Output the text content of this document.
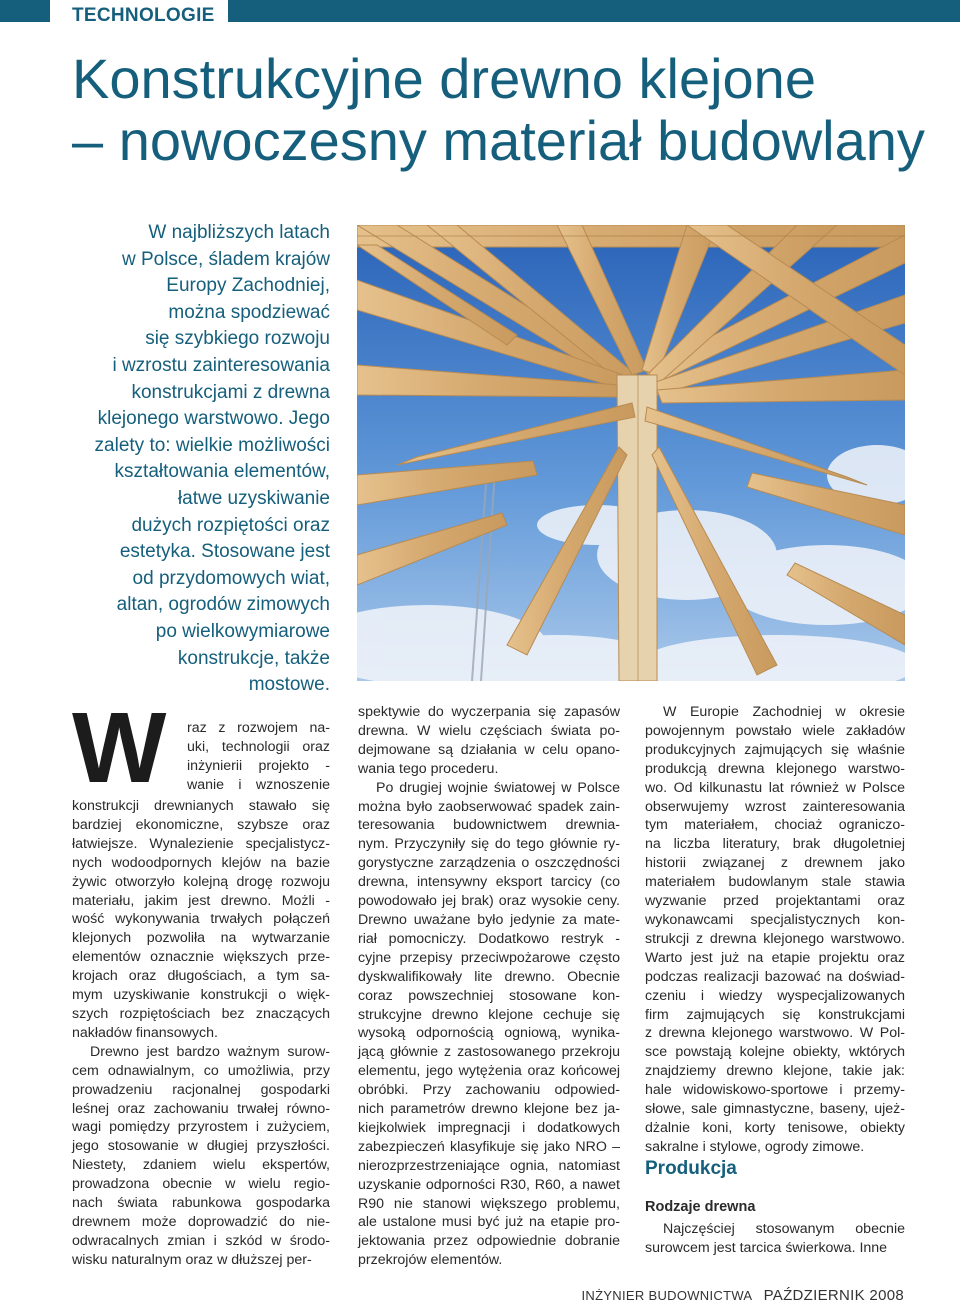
TECHNOLOGIE
Konstrukcyjne drewno klejone
– nowoczesny materiał budowlany
W najbliższych latach
w Polsce, śladem krajów
Europy Zachodniej,
można spodziewać
się szybkiego rozwoju
i wzrostu zainteresowania
konstrukcjami z drewna
klejonego warstwowo. Jego
zalety to: wielkie możliwości
kształtowania elementów,
łatwe uzyskiwanie
dużych rozpiętości oraz
estetyka. Stosowane jest
od przydomowych wiat,
altan, ogrodów zimowych
po wielkowymiarowe
konstrukcje, także
mostowe.
W raz z rozwojem na-
uki, technologii oraz
inżynierii projekto -
wanie i wznoszenie
konstrukcji drewnianych stawało się
bardziej ekonomiczne, szybsze oraz
łatwiejsze. Wynalezienie specjalistycz-
nych wodoodpornych klejów na bazie
żywic otworzyło kolejną drogę rozwoju
materiału, jakim jest drewno. Możli -
wość wykonywania trwałych połączeń
klejonych pozwoliła na wytwarzanie
elementów oznacznie większych prze-
krojach oraz długościach, a tym sa-
mym uzyskiwanie konstrukcji o więk-
szych rozpiętościach bez znaczących
nakładów finansowych.
Drewno jest bardzo ważnym surow-
cem odnawialnym, co umożliwia, przy
prowadzeniu racjonalnej gospodarki
leśnej oraz zachowaniu trwałej równo-
wagi pomiędzy przyrostem i zużyciem,
jego stosowanie w długiej przyszłości.
Niestety, zdaniem wielu ekspertów,
prowadzona obecnie w wielu regio-
nach świata rabunkowa gospodarka
drewnem może doprowadzić do nie-
odwracalnych zmian i szkód w środo-
wisku naturalnym oraz w dłuższej per-
spektywie do wyczerpania się zapasów
drewna. W wielu częściach świata po-
dejmowane są działania w celu opano-
wania tego procederu.
Po drugiej wojnie światowej w Polsce
można było zaobserwować spadek zain-
teresowania budownictwem drewnia-
nym. Przyczyniły się do tego głównie ry-
gorystyczne zarządzenia o oszczędności
drewna, intensywny eksport tarcicy (co
powodowało jej brak) oraz wysokie ceny.
Drewno uważane było jedynie za mate-
riał pomocniczy. Dodatkowo restryk -
cyjne przepisy przeciwpożarowe często
dyskwalifikowały lite drewno. Obecnie
coraz powszechniej stosowane kon-
strukcyjne drewno klejone cechuje się
wysoką odpornością ogniową, wynika-
jącą głównie z zastosowanego przekroju
elementu, jego wytężenia oraz końcowej
obróbki. Przy zachowaniu odpowied-
nich parametrów drewno klejone bez ja-
kiejkolwiek impregnacji i dodatkowych
zabezpieczeń klasyfikuje się jako NRO –
nierozprzestrzeniające ognia, natomiast
uzyskanie odporności R30, R60, a nawet
R90 nie stanowi większego problemu,
ale ustalone musi być już na etapie pro-
jektowania przez odpowiednie dobranie
przekrojów elementów.
W Europie Zachodniej w okresie
powojennym powstało wiele zakładów
produkcyjnych zajmujących się właśnie
produkcją drewna klejonego warstwo-
wo. Od kilkunastu lat również w Polsce
obserwujemy wzrost zainteresowania
tym materiałem, chociaż ograniczo-
na liczba literatury, brak długoletniej
historii związanej z drewnem jako
materiałem budowlanym stale stawia
wyzwanie przed projektantami oraz
wykonawcami specjalistycznych kon-
strukcji z drewna klejonego warstwowo.
Warto jest już na etapie projektu oraz
podczas realizacji bazować na doświad-
czeniu i wiedzy wyspecjalizowanych
firm zajmujących się konstrukcjami
z drewna klejonego warstwowo. W Pol-
sce powstają kolejne obiekty, wktórych
znajdziemy drewno klejone, takie jak:
hale widowiskowo-sportowe i przemy-
słowe, sale gimnastyczne, baseny, ujeż-
dżalnie koni, korty tenisowe, obiekty
sakralne i stylowe, ogrody zimowe.
Produkcja
Rodzaje drewna
Najczęściej stosowanym obecnie
surowcem jest tarcica świerkowa. Inne
INŻYNIER BUDOWNICTWA PAŹDZIERNIK 2008
